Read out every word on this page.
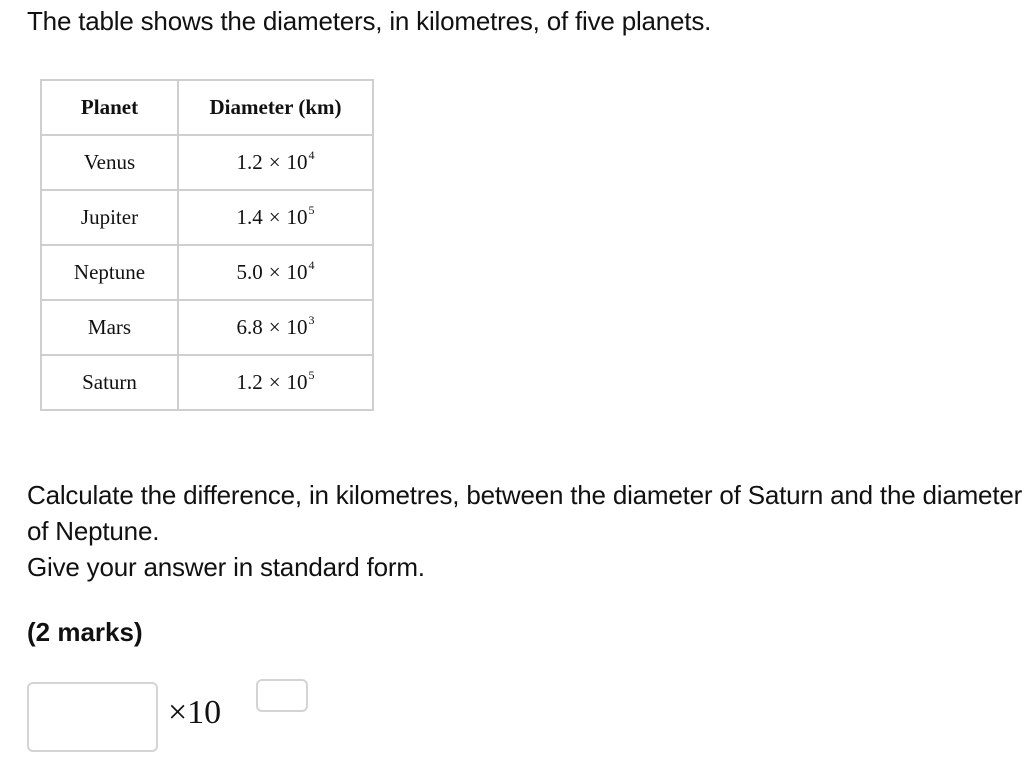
The table shows the diameters, in kilometres, of five planets.

Planet	Diameter (km)
Venus	$1.2 \times 10^4$
Jupiter	$1.4 \times 10^5$
Neptune	$5.0 \times 10^4$
Mars	$6.8 \times 10^3$
Saturn	$1.2 \times 10^5$
Calculate the difference, in kilometres, between the diameter of Saturn and the diameter of Neptune.
Give your answer in standard form.

(2 marks)

×10
